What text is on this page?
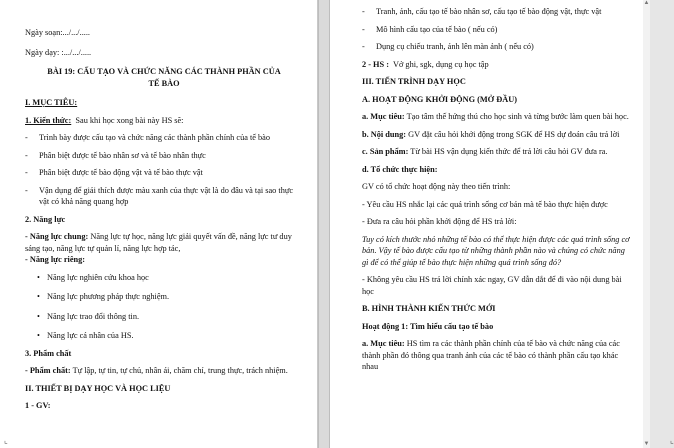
Ngày soạn:.../.../.....

Ngày dạy: :.../.../.....

BÀI 19: CẤU TẠO VÀ CHỨC NĂNG CÁC THÀNH PHẦN CỦA

TẾ BÀO

I. MỤC TIÊU:

1. Kiến thức: Sau khi học xong bài này HS sẽ:

- Trình bày được cấu tạo và chức năng các thành phần chính của tế bào

- Phân biệt được tế bào nhân sơ và tế bào nhân thực

- Phân biệt được tế bào động vật và tế bào thực vật

- Vận dụng để giải thích được màu xanh của thực vật là do đâu và tại sao thực vật có khả năng quang hợp

2. Năng lực

- Năng lực chung: Năng lực tự học, năng lực giải quyết vấn đề, năng lực tư duy sáng tạo, năng lực tự quản lí, năng lực hợp tác,

- Năng lực riêng:

• Năng lực nghiên cứu khoa học

• Năng lực phương pháp thực nghiệm.

• Năng lực trao đổi thông tin.

• Năng lực cá nhân của HS.

3. Phẩm chất

- Phẩm chất: Tự lập, tự tin, tự chủ, nhân ái, chăm chỉ, trung thực, trách nhiệm.

II. THIẾT BỊ DẠY HỌC VÀ HỌC LIỆU

1 - GV:

⌞

- Tranh, ảnh, cấu tạo tế bào nhân sơ, cấu tạo tế bào động vật, thực vật

- Mô hình cấu tạo của tế bào ( nếu có)

- Dụng cụ chiếu tranh, ảnh lên màn ảnh ( nếu có)

2 - HS : Vở ghi, sgk, dụng cụ học tập

III. TIẾN TRÌNH DẠY HỌC

A. HOẠT ĐỘNG KHỞI ĐỘNG (MỞ ĐẦU)

a. Mục tiêu: Tạo tâm thế hứng thú cho học sinh và từng bước làm quen bài học.

b. Nội dung: GV đặt câu hỏi khởi động trong SGK để HS dự đoán câu trả lời

c. Sản phẩm: Từ bài HS vận dụng kiến thức để trả lời câu hỏi GV đưa ra.

d. Tổ chức thực hiện:

GV có tổ chức hoạt động này theo tiến trình:

- Yêu cầu HS nhắc lại các quá trình sống cơ bản mà tế bào thực hiện được

- Đưa ra câu hỏi phần khởi động để HS trả lời:

Tuy có kích thước nhỏ những tế bào có thể thực hiện được các quá trình sống cơ bản. Vậy tế bào được cấu tạo từ những thành phần nào và chúng có chức năng gì để có thể giúp tế bào thực hiện những quá trình sống đó?

- Không yêu cầu HS trả lời chính xác ngay, GV dẫn dắt để đi vào nội dung bài học

B. HÌNH THÀNH KIẾN THỨC MỚI

Hoạt động 1: Tìm hiểu cấu tạo tế bào

a. Mục tiêu: HS tìm ra các thành phần chính của tế bào và chức năng của các thành phần đó thông qua tranh ảnh của các tế bào có thành phần cấu tạo khác nhau

⌞
▲
▼
